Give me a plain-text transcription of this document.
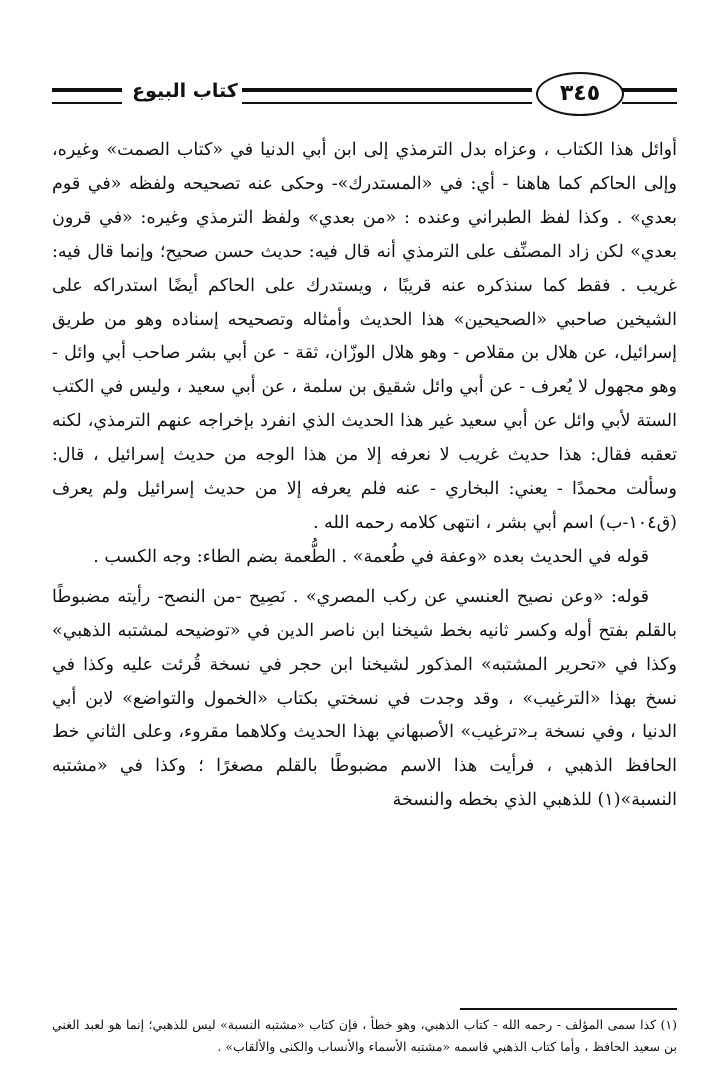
كتاب البيوع	٣٤٥

أوائل هذا الكتاب ، وعزاه بدل الترمذي إلى ابن أبي الدنيا في «كتاب الصمت» وغيره، وإلى الحاكم كما هاهنا - أي: في «المستدرك»- وحكى عنه تصحيحه ولفظه «في قوم بعدي» . وكذا لفظ الطبراني وعنده : «من بعدي» ولفظ الترمذي وغيره: «في قرون بعدي» لكن زاد المصنِّف على الترمذي أنه قال فيه: حديث حسن صحيح؛ وإنما قال فيه: غريب . فقط كما سنذكره عنه قريبًا ، ويستدرك على الحاكم أيضًا استدراكه على الشيخين صاحبي «الصحيحين» هذا الحديث وأمثاله وتصحيحه إسناده وهو من طريق إسرائيل، عن هلال بن مقلاص - وهو هلال الوزّان، ثقة - عن أبي بشر صاحب أبي وائل - وهو مجهول لا يُعرف - عن أبي وائل شقيق بن سلمة ، عن أبي سعيد ، وليس في الكتب الستة لأبي وائل عن أبي سعيد غير هذا الحديث الذي انفرد بإخراجه عنهم الترمذي، لكنه تعقبه فقال: هذا حديث غريب لا نعرفه إلا من هذا الوجه من حديث إسرائيل ، قال: وسألت محمدًا - يعني: البخاري - عنه فلم يعرفه إلا من حديث إسرائيل ولم يعرف (ق١٠٤-ب) اسم أبي بشر ، انتهى كلامه رحمه الله .

قوله في الحديث بعده «وعفة في طُعمة» . الطُّعمة بضم الطاء: وجه الكسب .

قوله: «وعن نصيح العنسي عن ركب المصري» . نَصِيح -من النصح- رأيته مضبوطًا بالقلم بفتح أوله وكسر ثانيه بخط شيخنا ابن ناصر الدين في «توضيحه لمشتبه الذهبي» وكذا في «تحرير المشتبه» المذكور لشيخنا ابن حجر في نسخة قُرئت عليه وكذا في نسخ بهذا «الترغيب» ، وقد وجدت في نسختي بكتاب «الخمول والتواضع» لابن أبي الدنيا ، وفي نسخة بـ«ترغيب» الأصبهاني بهذا الحديث وكلاهما مقروء، وعلى الثاني خط الحافظ الذهبي ، فرأيت هذا الاسم مضبوطًا بالقلم مصغرًا ؛ وكذا في «مشتبه النسبة»(١) للذهبي الذي بخطه والنسخة

(١) كذا سمى المؤلف - رحمه الله - كتاب الذهبي، وهو خطأ ، فإن كتاب «مشتبه النسبة» ليس للذهبي؛ إنما هو لعبد الغني بن سعيد الحافظ ، وأما كتاب الذهبي فاسمه «مشتبه الأسماء والأنساب والكنى والألقاب» .
